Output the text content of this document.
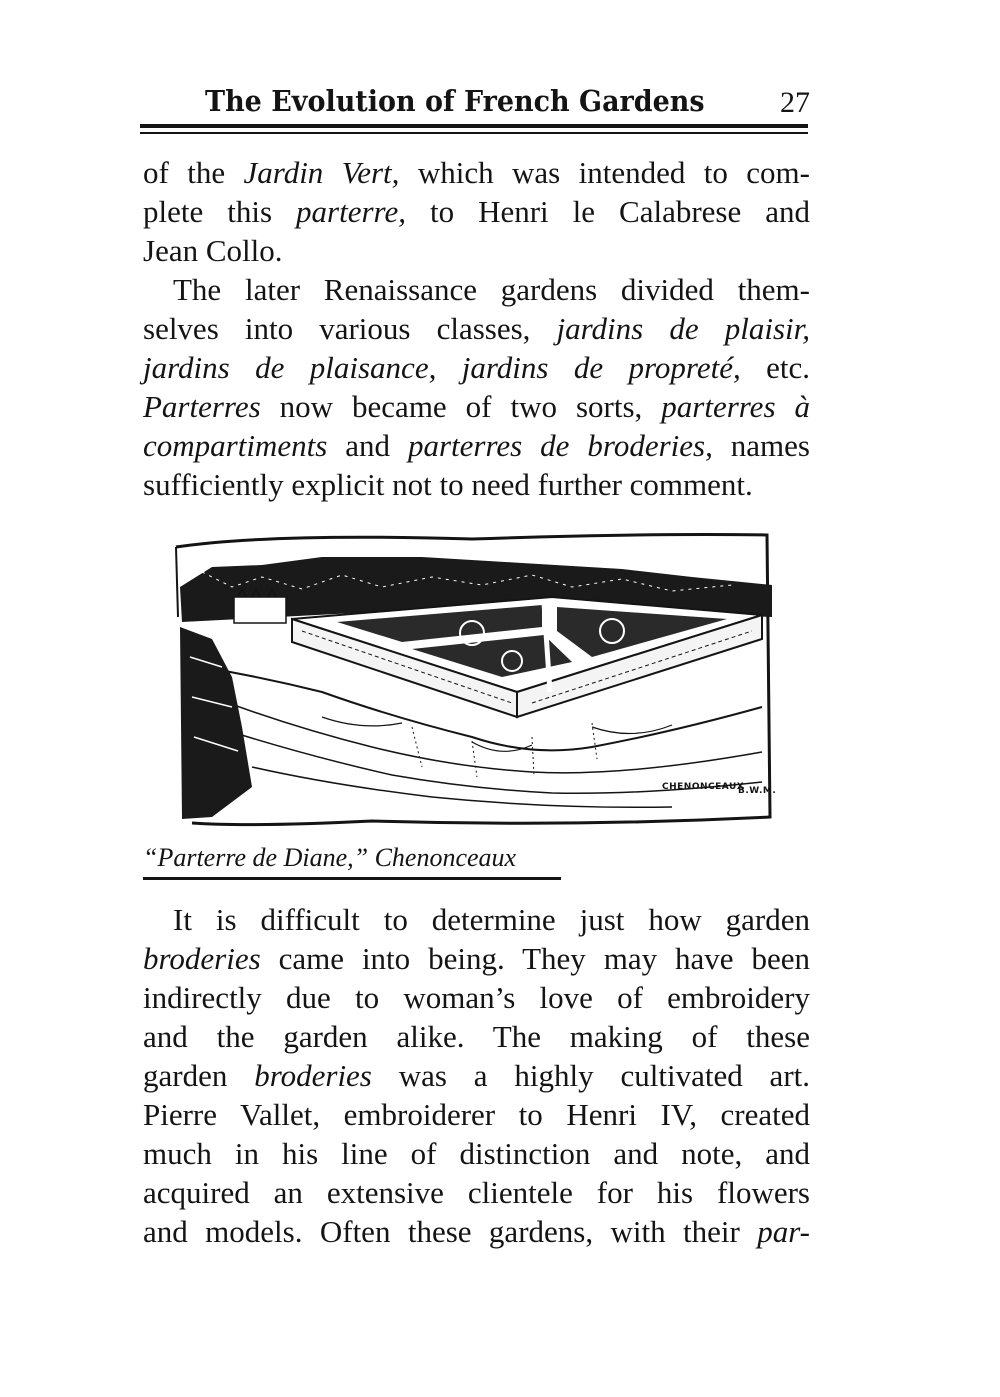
The Evolution of French Gardens	27
of the Jardin Vert, which was intended to com-
plete this parterre, to Henri le Calabrese and
Jean Collo.
The later Renaissance gardens divided them-
selves into various classes, jardins de plaisir,
jardins de plaisance, jardins de propreté, etc.
Parterres now became of two sorts, parterres à
compartiments and parterres de broderies, names
sufficiently explicit not to need further comment.
CHENONCEAUX
B.W.M.
“Parterre de Diane,” Chenonceaux
It is difficult to determine just how garden
broderies came into being. They may have been
indirectly due to woman’s love of embroidery
and the garden alike. The making of these
garden broderies was a highly cultivated art.
Pierre Vallet, embroiderer to Henri IV, created
much in his line of distinction and note, and
acquired an extensive clientele for his flowers
and models. Often these gardens, with their par-
